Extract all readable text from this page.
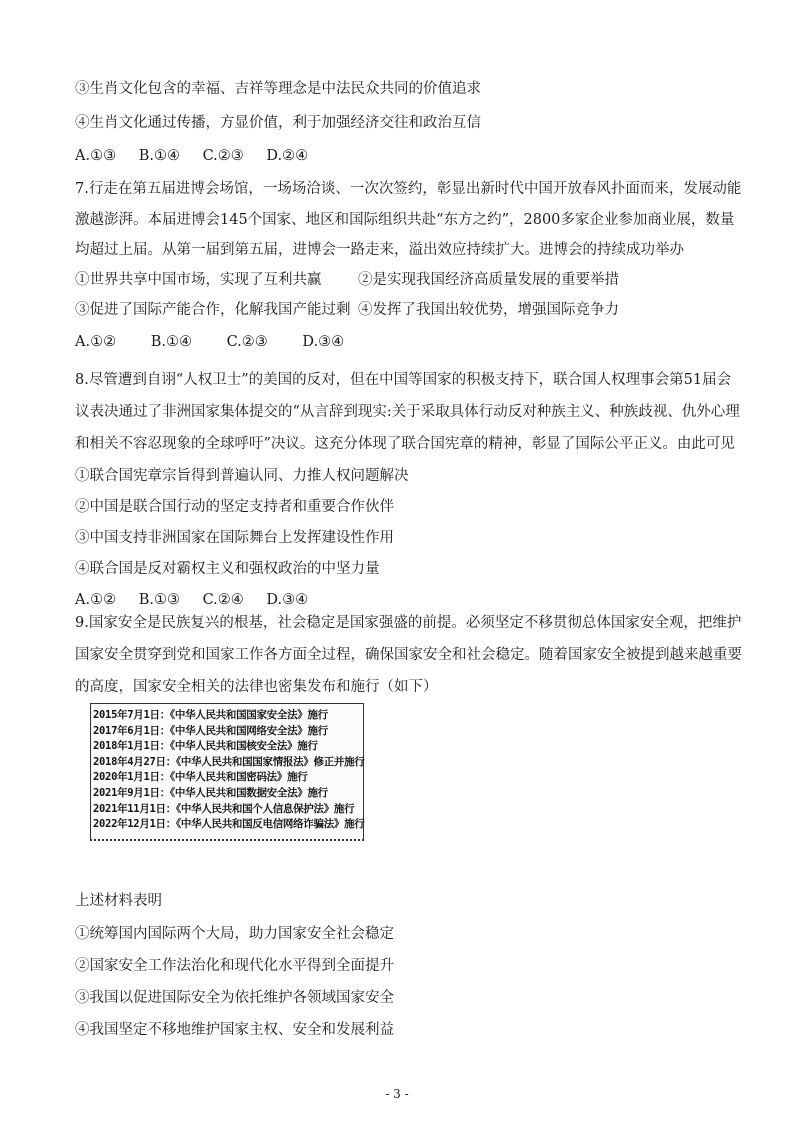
③生肖文化包含的幸福、吉祥等理念是中法民众共同的价值追求
④生肖文化通过传播，方显价值，利于加强经济交往和政治互信
A.①③ B.①④ C.②③ D.②④
7.行走在第五届进博会场馆，一场场洽谈、一次次签约，彰显出新时代中国开放春风扑面而来，发展动能
激越澎湃。本届进博会145个国家、地区和国际组织共赴“东方之约”，2800多家企业参加商业展，数量
均超过上届。从第一届到第五届，进博会一路走来，溢出效应持续扩大。进博会的持续成功举办
①世界共享中国市场，实现了互利共赢	②是实现我国经济高质量发展的重要举措
③促进了国际产能合作，化解我国产能过剩 ④发挥了我国出较优势，增强国际竞争力
A.①② B.①④ C.②③ D.③④
8.尽管遭到自诩“人权卫士”的美国的反对，但在中国等国家的积极支持下，联合国人权理事会第51届会
议表决通过了非洲国家集体提交的“从言辞到现实:关于采取具体行动反对种族主义、种族歧视、仇外心理
和相关不容忍现象的全球呼吁”决议。这充分体现了联合国宪章的精神，彰显了国际公平正义。由此可见
①联合国宪章宗旨得到普遍认同、力推人权问题解决
②中国是联合国行动的坚定支持者和重要合作伙伴
③中国支持非洲国家在国际舞台上发挥建设性作用
④联合国是反对霸权主义和强权政治的中坚力量
A.①② B.①③ C.②④ D.③④
9.国家安全是民族复兴的根基，社会稳定是国家强盛的前提。必须坚定不移贯彻总体国家安全观，把维护
国家安全贯穿到党和国家工作各方面全过程，确保国家安全和社会稳定。随着国家安全被提到越来越重要
的高度，国家安全相关的法律也密集发布和施行（如下）
2015年7月1日：《中华人民共和国国家安全法》施行
2017年6月1日：《中华人民共和国网络安全法》施行
2018年1月1日：《中华人民共和国核安全法》施行
2018年4月27日：《中华人民共和国国家情报法》修正并施行
2020年1月1日：《中华人民共和国密码法》施行
2021年9月1日：《中华人民共和国数据安全法》施行
2021年11月1日：《中华人民共和国个人信息保护法》施行
2022年12月1日：《中华人民共和国反电信网络诈骗法》施行
上述材料表明
①统筹国内国际两个大局，助力国家安全社会稳定
②国家安全工作法治化和现代化水平得到全面提升
③我国以促进国际安全为依托维护各领域国家安全
④我国坚定不移地维护国家主权、安全和发展利益
- 3 -
